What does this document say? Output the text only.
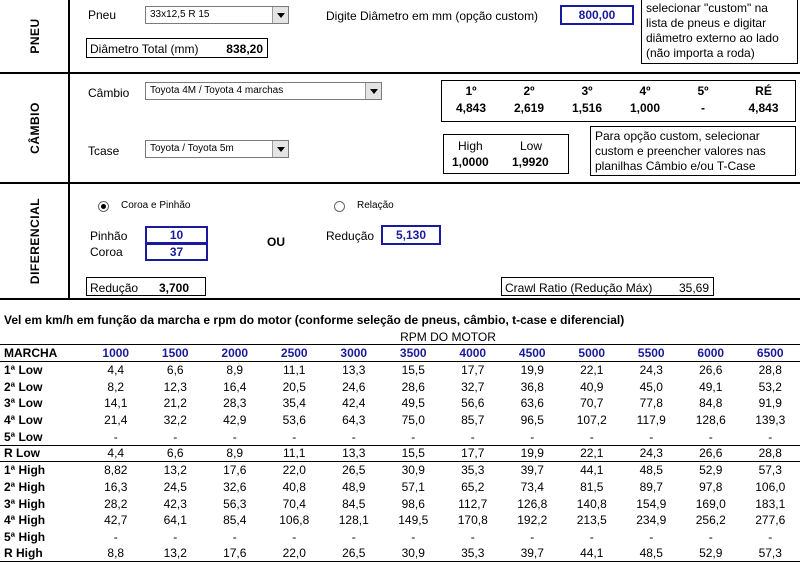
PNEU
Pneu	33x12,5 R 15	Digite Diâmetro em mm (opção custom)	800,00	selecionar "custom" na
lista de pneus e digitar
diâmetro externo ao lado
(não importa a roda)
Diâmetro Total (mm) 838,20
CÂMBIO
Câmbio	Toyota 4M / Toyota 4 marchas	1º	2º	3º	4º	5º	RÉ
4,843	2,619	1,516	1,000	-	4,843
Tcase	Toyota / Toyota 5m	High	Low
1,0000 1,9920
Para opção custom, selecionar
custom e preencher valores nas
planilhas Câmbio e/ou T-Case
DIFERENCIAL	Coroa e Pinhão	Relação
Pinhão	10
Coroa	37
OU	Redução	5,130
Redução 3,700	Crawl Ratio (Redução Máx) 35,69
Vel em km/h em função da marcha e rpm do motor (conforme seleção de pneus, câmbio, t-case e diferencial)
RPM DO MOTOR
MARCHA	1000	1500	2000	2500	3000	3500	4000	4500	5000	5500	6000	6500
1ª Low	4,4	6,6	8,9	11,1	13,3	15,5	17,7	19,9	22,1	24,3	26,6	28,8
2ª Low	8,2	12,3	16,4	20,5	24,6	28,6	32,7	36,8	40,9	45,0	49,1	53,2
3ª Low	14,1	21,2	28,3	35,4	42,4	49,5	56,6	63,6	70,7	77,8	84,8	91,9
4ª Low	21,4	32,2	42,9	53,6	64,3	75,0	85,7	96,5	107,2	117,9	128,6	139,3
5ª Low	-	-	-	-	-	-	-	-	-	-	-	-
R Low	4,4	6,6	8,9	11,1	13,3	15,5	17,7	19,9	22,1	24,3	26,6	28,8
1ª High	8,82	13,2	17,6	22,0	26,5	30,9	35,3	39,7	44,1	48,5	52,9	57,3
2ª High	16,3	24,5	32,6	40,8	48,9	57,1	65,2	73,4	81,5	89,7	97,8	106,0
3ª High	28,2	42,3	56,3	70,4	84,5	98,6	112,7	126,8	140,8	154,9	169,0	183,1
4ª High	42,7	64,1	85,4	106,8	128,1	149,5	170,8	192,2	213,5	234,9	256,2	277,6
5ª High	-	-	-	-	-	-	-	-	-	-	-	-
R High	8,8	13,2	17,6	22,0	26,5	30,9	35,3	39,7	44,1	48,5	52,9	57,3
